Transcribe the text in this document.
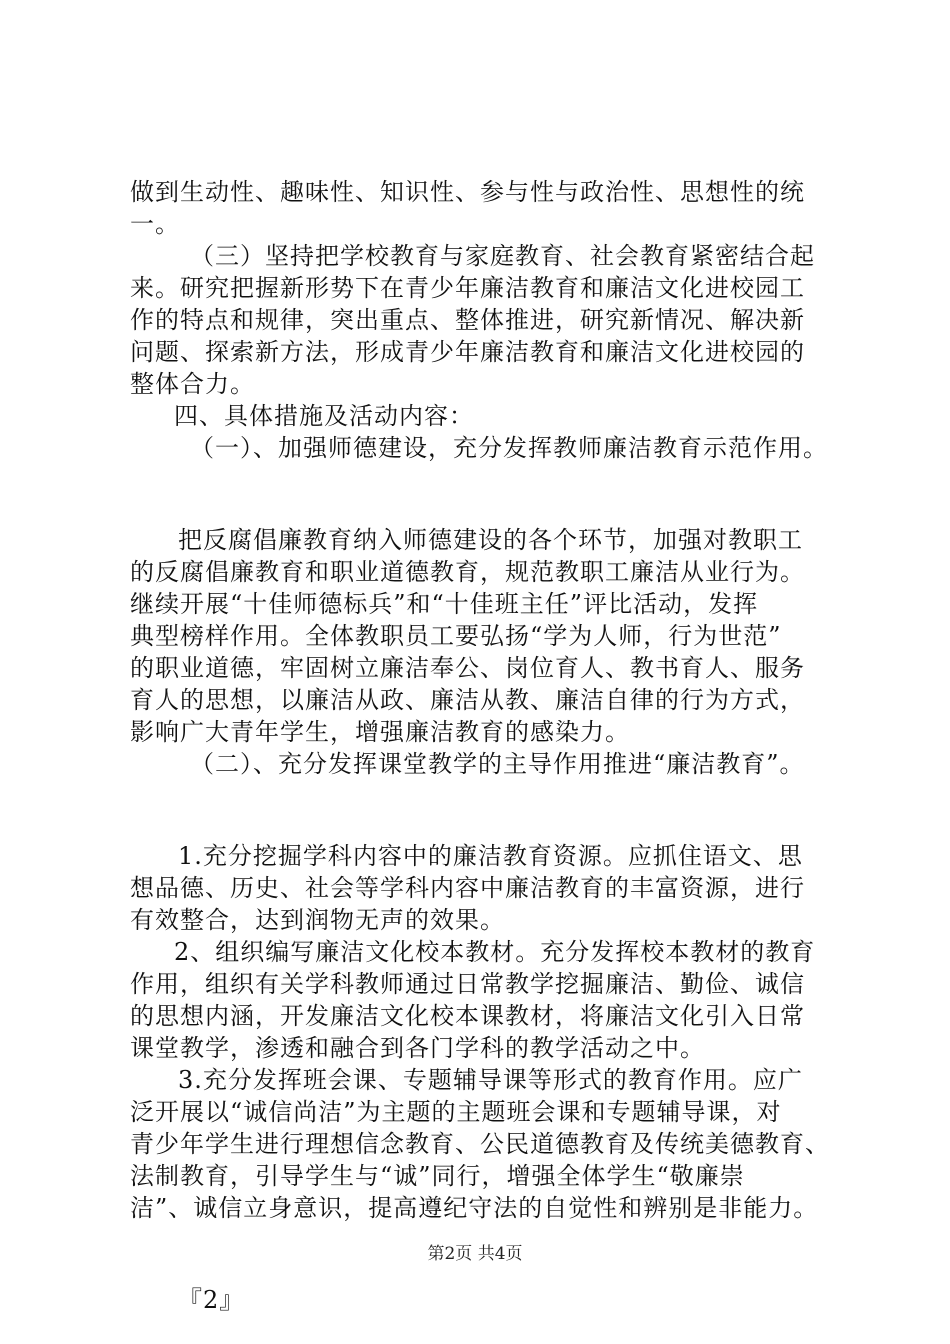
做到生动性、趣味性、知识性、参与性与政治性、思想性的统
一。
（三）坚持把学校教育与家庭教育、社会教育紧密结合起
来。研究把握新形势下在青少年廉洁教育和廉洁文化进校园工
作的特点和规律，突出重点、整体推进，研究新情况、解决新
问题、探索新方法，形成青少年廉洁教育和廉洁文化进校园的
整体合力。
四、具体措施及活动内容：
（一）、加强师德建设，充分发挥教师廉洁教育示范作用。
把反腐倡廉教育纳入师德建设的各个环节，加强对教职工
的反腐倡廉教育和职业道德教育，规范教职工廉洁从业行为。
继续开展“十佳师德标兵”和“十佳班主任”评比活动，发挥
典型榜样作用。全体教职员工要弘扬“学为人师，行为世范”
的职业道德，牢固树立廉洁奉公、岗位育人、教书育人、服务
育人的思想，以廉洁从政、廉洁从教、廉洁自律的行为方式，
影响广大青年学生，增强廉洁教育的感染力。
（二）、充分发挥课堂教学的主导作用推进“廉洁教育”。
1.充分挖掘学科内容中的廉洁教育资源。应抓住语文、思
想品德、历史、社会等学科内容中廉洁教育的丰富资源，进行
有效整合，达到润物无声的效果。
2、组织编写廉洁文化校本教材。充分发挥校本教材的教育
作用，组织有关学科教师通过日常教学挖掘廉洁、勤俭、诚信
的思想内涵，开发廉洁文化校本课教材，将廉洁文化引入日常
课堂教学，渗透和融合到各门学科的教学活动之中。
3.充分发挥班会课、专题辅导课等形式的教育作用。应广
泛开展以“诚信尚洁”为主题的主题班会课和专题辅导课，对
青少年学生进行理想信念教育、公民道德教育及传统美德教育、
法制教育，引导学生与“诚”同行，增强全体学生“敬廉崇
洁”、诚信立身意识，提高遵纪守法的自觉性和辨别是非能力。
『2』
第2页 共4页
